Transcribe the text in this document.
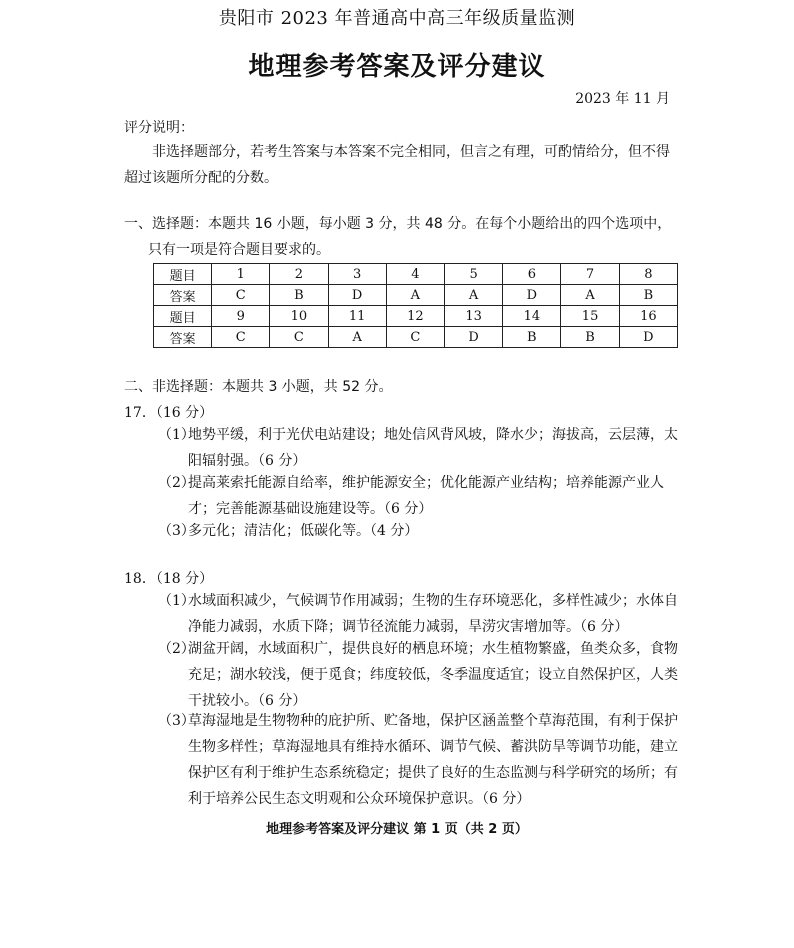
贵阳市 2023 年普通高中高三年级质量监测
地理参考答案及评分建议
2023 年 11 月
评分说明：

非选择题部分，若考生答案与本答案不完全相同，但言之有理，可酌情给分，但不得超过该题所分配的分数。

一、选择题：本题共 16 小题，每小题 3 分，共 48 分。在每个小题给出的四个选项中，
只有一项是符合题目要求的。
题目	1	2	3	4	5	6	7	8
答案	C	B	D	A	A	D	A	B
题目	9	10	11	12	13	14	15	16
答案	C	C	A	C	D	B	B	D
二、非选择题：本题共 3 小题，共 52 分。
17．（16 分）
（1）
地势平缓，利于光伏电站建设；地处信风背风坡，降水少；海拔高，云层薄，太阳辐射强。（6 分）
（2）
提高莱索托能源自给率，维护能源安全；优化能源产业结构；培养能源产业人才；完善能源基础设施建设等。（6 分）
（3）
多元化；清洁化；低碳化等。（4 分）
18．（18 分）
（1）
水域面积减少，气候调节作用减弱；生物的生存环境恶化，多样性减少；水体自净能力减弱，水质下降；调节径流能力减弱，旱涝灾害增加等。（6 分）
（2）
湖盆开阔，水域面积广，提供良好的栖息环境；水生植物繁盛，鱼类众多，食物充足；湖水较浅，便于觅食；纬度较低，冬季温度适宜；设立自然保护区，人类干扰较小。（6 分）
（3）
草海湿地是生物物种的庇护所、贮备地，保护区涵盖整个草海范围，有利于保护生物多样性；草海湿地具有维持水循环、调节气候、蓄洪防旱等调节功能，建立保护区有利于维护生态系统稳定；提供了良好的生态监测与科学研究的场所；有利于培养公民生态文明观和公众环境保护意识。（6 分）
地理参考答案及评分建议 第 1 页（共 2 页）
